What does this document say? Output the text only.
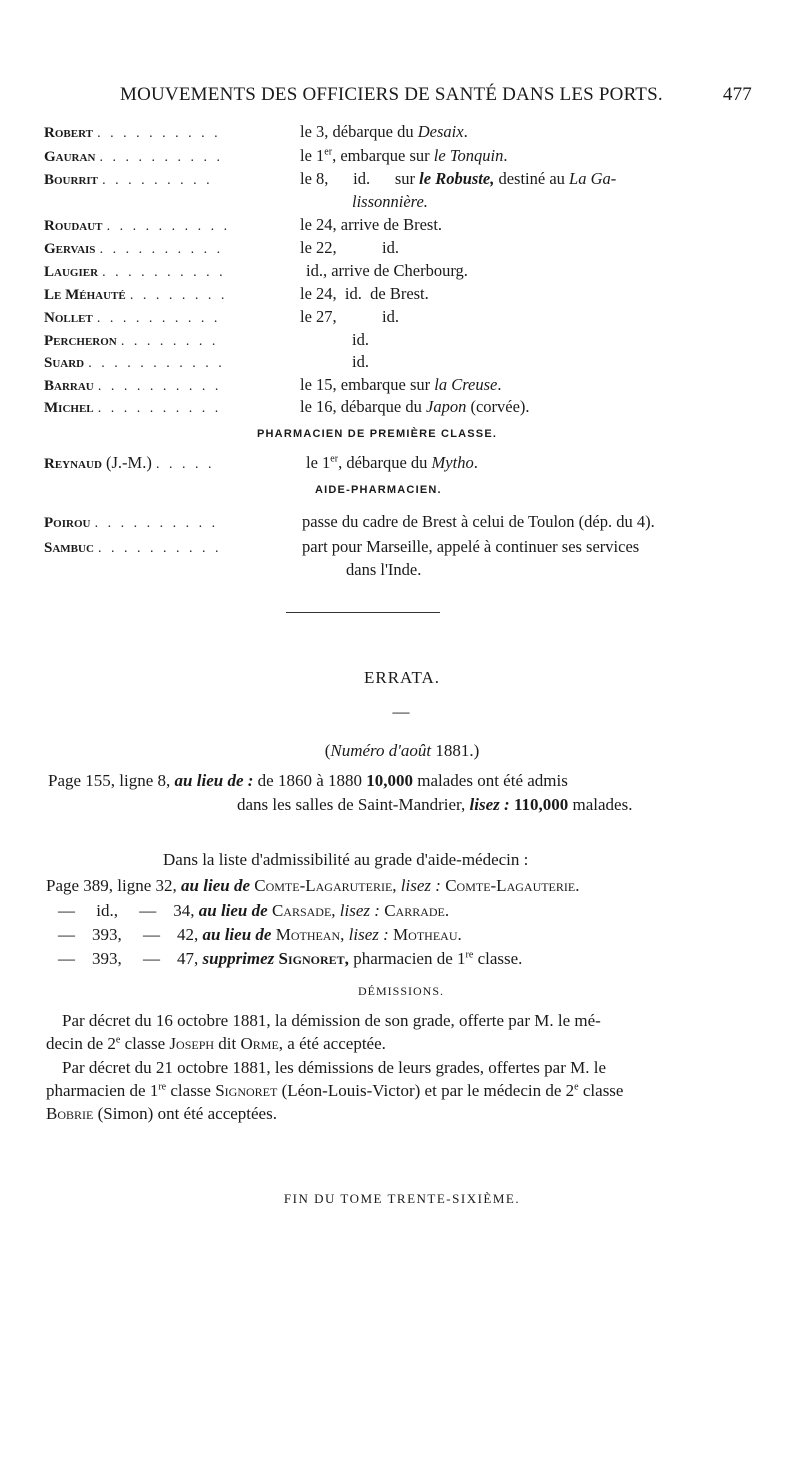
MOUVEMENTS DES OFFICIERS DE SANTÉ DANS LES PORTS.	477
Robert . . . . . . . . . .	le 3, débarque du Desaix.
Gauran . . . . . . . . . .	le 1er, embarque sur le Tonquin.
Bourrit . . . . . . . . .	le 8,      id.      sur le Robuste, destiné au La Ga-
lissonnière.
Roudaut . . . . . . . . . .	le 24, arrive de Brest.
Gervais . . . . . . . . . .	le 22,           id.
Laugier . . . . . . . . . .	id., arrive de Cherbourg.
Le Méhauté . . . . . . . .	le 24,  id.  de Brest.
Nollet . . . . . . . . . .	le 27,           id.
Percheron . . . . . . . .	id.
Suard . . . . . . . . . . .	id.
Barrau . . . . . . . . . .	le 15, embarque sur la Creuse.
Michel . . . . . . . . . .	le 16, débarque du Japon (corvée).
PHARMACIEN DE PREMIÈRE CLASSE.
Reynaud (J.-M.) . . . . .	le 1er, débarque du Mytho.
AIDE-PHARMACIEN.
Poirou . . . . . . . . . .	passe du cadre de Brest à celui de Toulon (dép. du 4).
Sambuc . . . . . . . . . .	part pour Marseille, appelé à continuer ses services
dans l'Inde.
ERRATA.
—
(Numéro d'août 1881.)
Page 155, ligne 8, au lieu de : de 1860 à 1880 10,000 malades ont été admis
dans les salles de Saint-Mandrier, lisez : 110,000 malades.
Dans la liste d'admissibilité au grade d'aide-médecin :
Page 389, ligne 32, au lieu de Comte-Lagaruterie, lisez : Comte-Lagauterie.
—     id.,     —    34, au lieu de Carsade, lisez : Carrade.
—    393,     —    42, au lieu de Mothean, lisez : Motheau.
—    393,     —    47, supprimez Signoret, pharmacien de 1re classe.
DÉMISSIONS.
Par décret du 16 octobre 1881, la démission de son grade, offerte par M. le mé-
decin de 2e classe Joseph dit Orme, a été acceptée.
Par décret du 21 octobre 1881, les démissions de leurs grades, offertes par M. le
pharmacien de 1re classe Signoret (Léon-Louis-Victor) et par le médecin de 2e classe
Bobrie (Simon) ont été acceptées.
FIN DU TOME TRENTE-SIXIÈME.
